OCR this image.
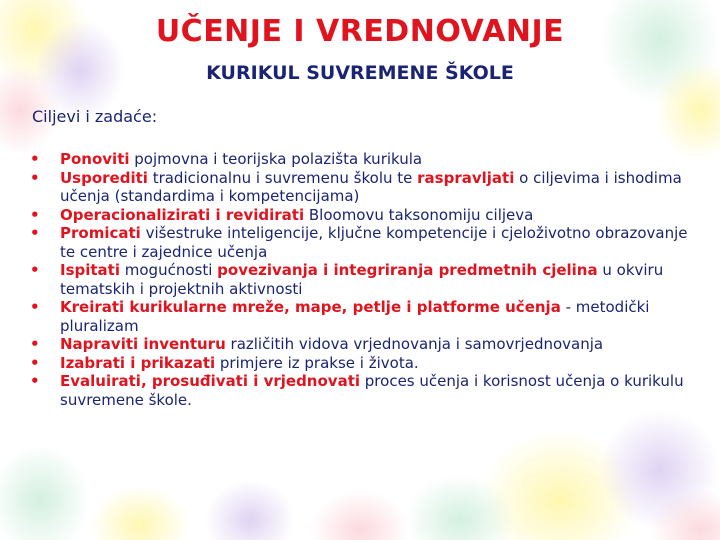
UČENJE I VREDNOVANJE
KURIKUL SUVREMENE ŠKOLE
Ciljevi i zadaće:
• Ponoviti pojmovna i teorijska polazišta kurikula
• Usporediti tradicionalnu i suvremenu školu te raspravljati o ciljevima i ishodima učenja (standardima i kompetencijama)
• Operacionalizirati i revidirati Bloomovu taksonomiju ciljeva
• Promicati višestruke inteligencije, ključne kompetencije i cjeloživotno obrazovanje te centre i zajednice učenja
• Ispitati mogućnosti povezivanja i integriranja predmetnih cjelina u okviru tematskih i projektnih aktivnosti
• Kreirati kurikularne mreže, mape, petlje i platforme učenja - metodički pluralizam
• Napraviti inventuru različitih vidova vrjednovanja i samovrjednovanja
• Izabrati i prikazati primjere iz prakse i života.
• Evaluirati, prosuđivati i vrjednovati proces učenja i korisnost učenja o kurikulu suvremene škole.
